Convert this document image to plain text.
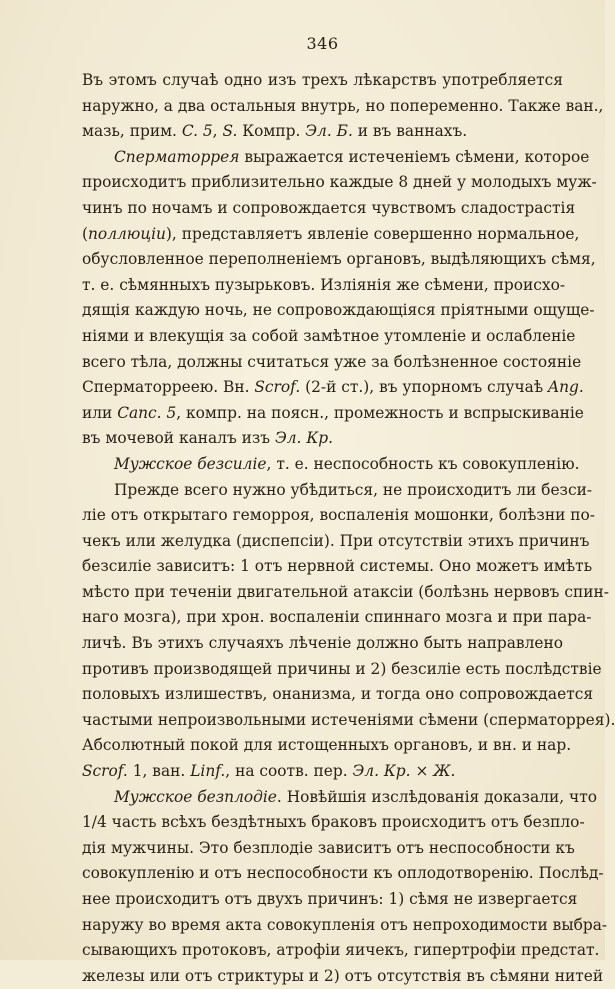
346
Въ этомъ случаѣ одно изъ трехъ лѣкарствъ употребляется
наружно, а два остальныя внутрь, но попеременно. Также ван.,
мазь, прим. C. 5, S. Компр. Эл. Б. и въ ваннахъ.
Сперматоррея выражается истеченіемъ сѣмени, которое
происходитъ приблизительно каждые 8 дней у молодыхъ муж-
чинъ по ночамъ и сопровождается чувствомъ сладострастія
(поллюціи), представляетъ явленіе совершенно нормальное,
обусловленное переполненіемъ органовъ, выдѣляющихъ сѣмя,
т. е. сѣмянныхъ пузырьковъ. Изліянія же сѣмени, происхо-
дящія каждую ночь, не сопровождающіяся пріятными ощуще-
ніями и влекущія за собой замѣтное утомленіе и ослабленіе
всего тѣла, должны считаться уже за болѣзненное состояніе
Сперматорреею. Вн. Scrof. (2-й ст.), въ упорномъ случаѣ Ang.
или Canc. 5, компр. на поясн., промежность и вспрыскиваніе
въ мочевой каналъ изъ Эл. Кр.
Мужское безсиліе, т. е. неспособность къ совокупленію.
Прежде всего нужно убѣдиться, не происходитъ ли безси-
ліе отъ открытаго геморроя, воспаленія мошонки, болѣзни по-
чекъ или желудка (диспепсіи). При отсутствіи этихъ причинъ
безсиліе зависитъ: 1 отъ нервной системы. Оно можетъ имѣть
мѣсто при теченіи двигательной атаксіи (болѣзнь нервовъ спин-
наго мозга), при хрон. воспаленіи спиннаго мозга и при пара-
личѣ. Въ этихъ случаяхъ лѣченіе должно быть направлено
противъ производящей причины и 2) безсиліе есть послѣдствіе
половыхъ излишествъ, онанизма, и тогда оно сопровождается
частыми непроизвольными истеченіями сѣмени (сперматоррея).
Абсолютный покой для истощенныхъ органовъ, и вн. и нар.
Scrof. 1, ван. Linf., на соотв. пер. Эл. Кр. × Ж.
Мужское безплодіе. Новѣйшія изслѣдованія доказали, что
1/4 часть всѣхъ бездѣтныхъ браковъ происходитъ отъ безпло-
дія мужчины. Это безплодіе зависитъ отъ неспособности къ
совокупленію и отъ неспособности къ оплодотворенію. Послѣд-
нее происходитъ отъ двухъ причинъ: 1) сѣмя не извергается
наружу во время акта совокупленія отъ непроходимости выбра-
сывающихъ протоковъ, атрофіи яичекъ, гипертрофіи предстат.
железы или отъ стриктуры и 2) отъ отсутствія въ сѣмяни нитей
